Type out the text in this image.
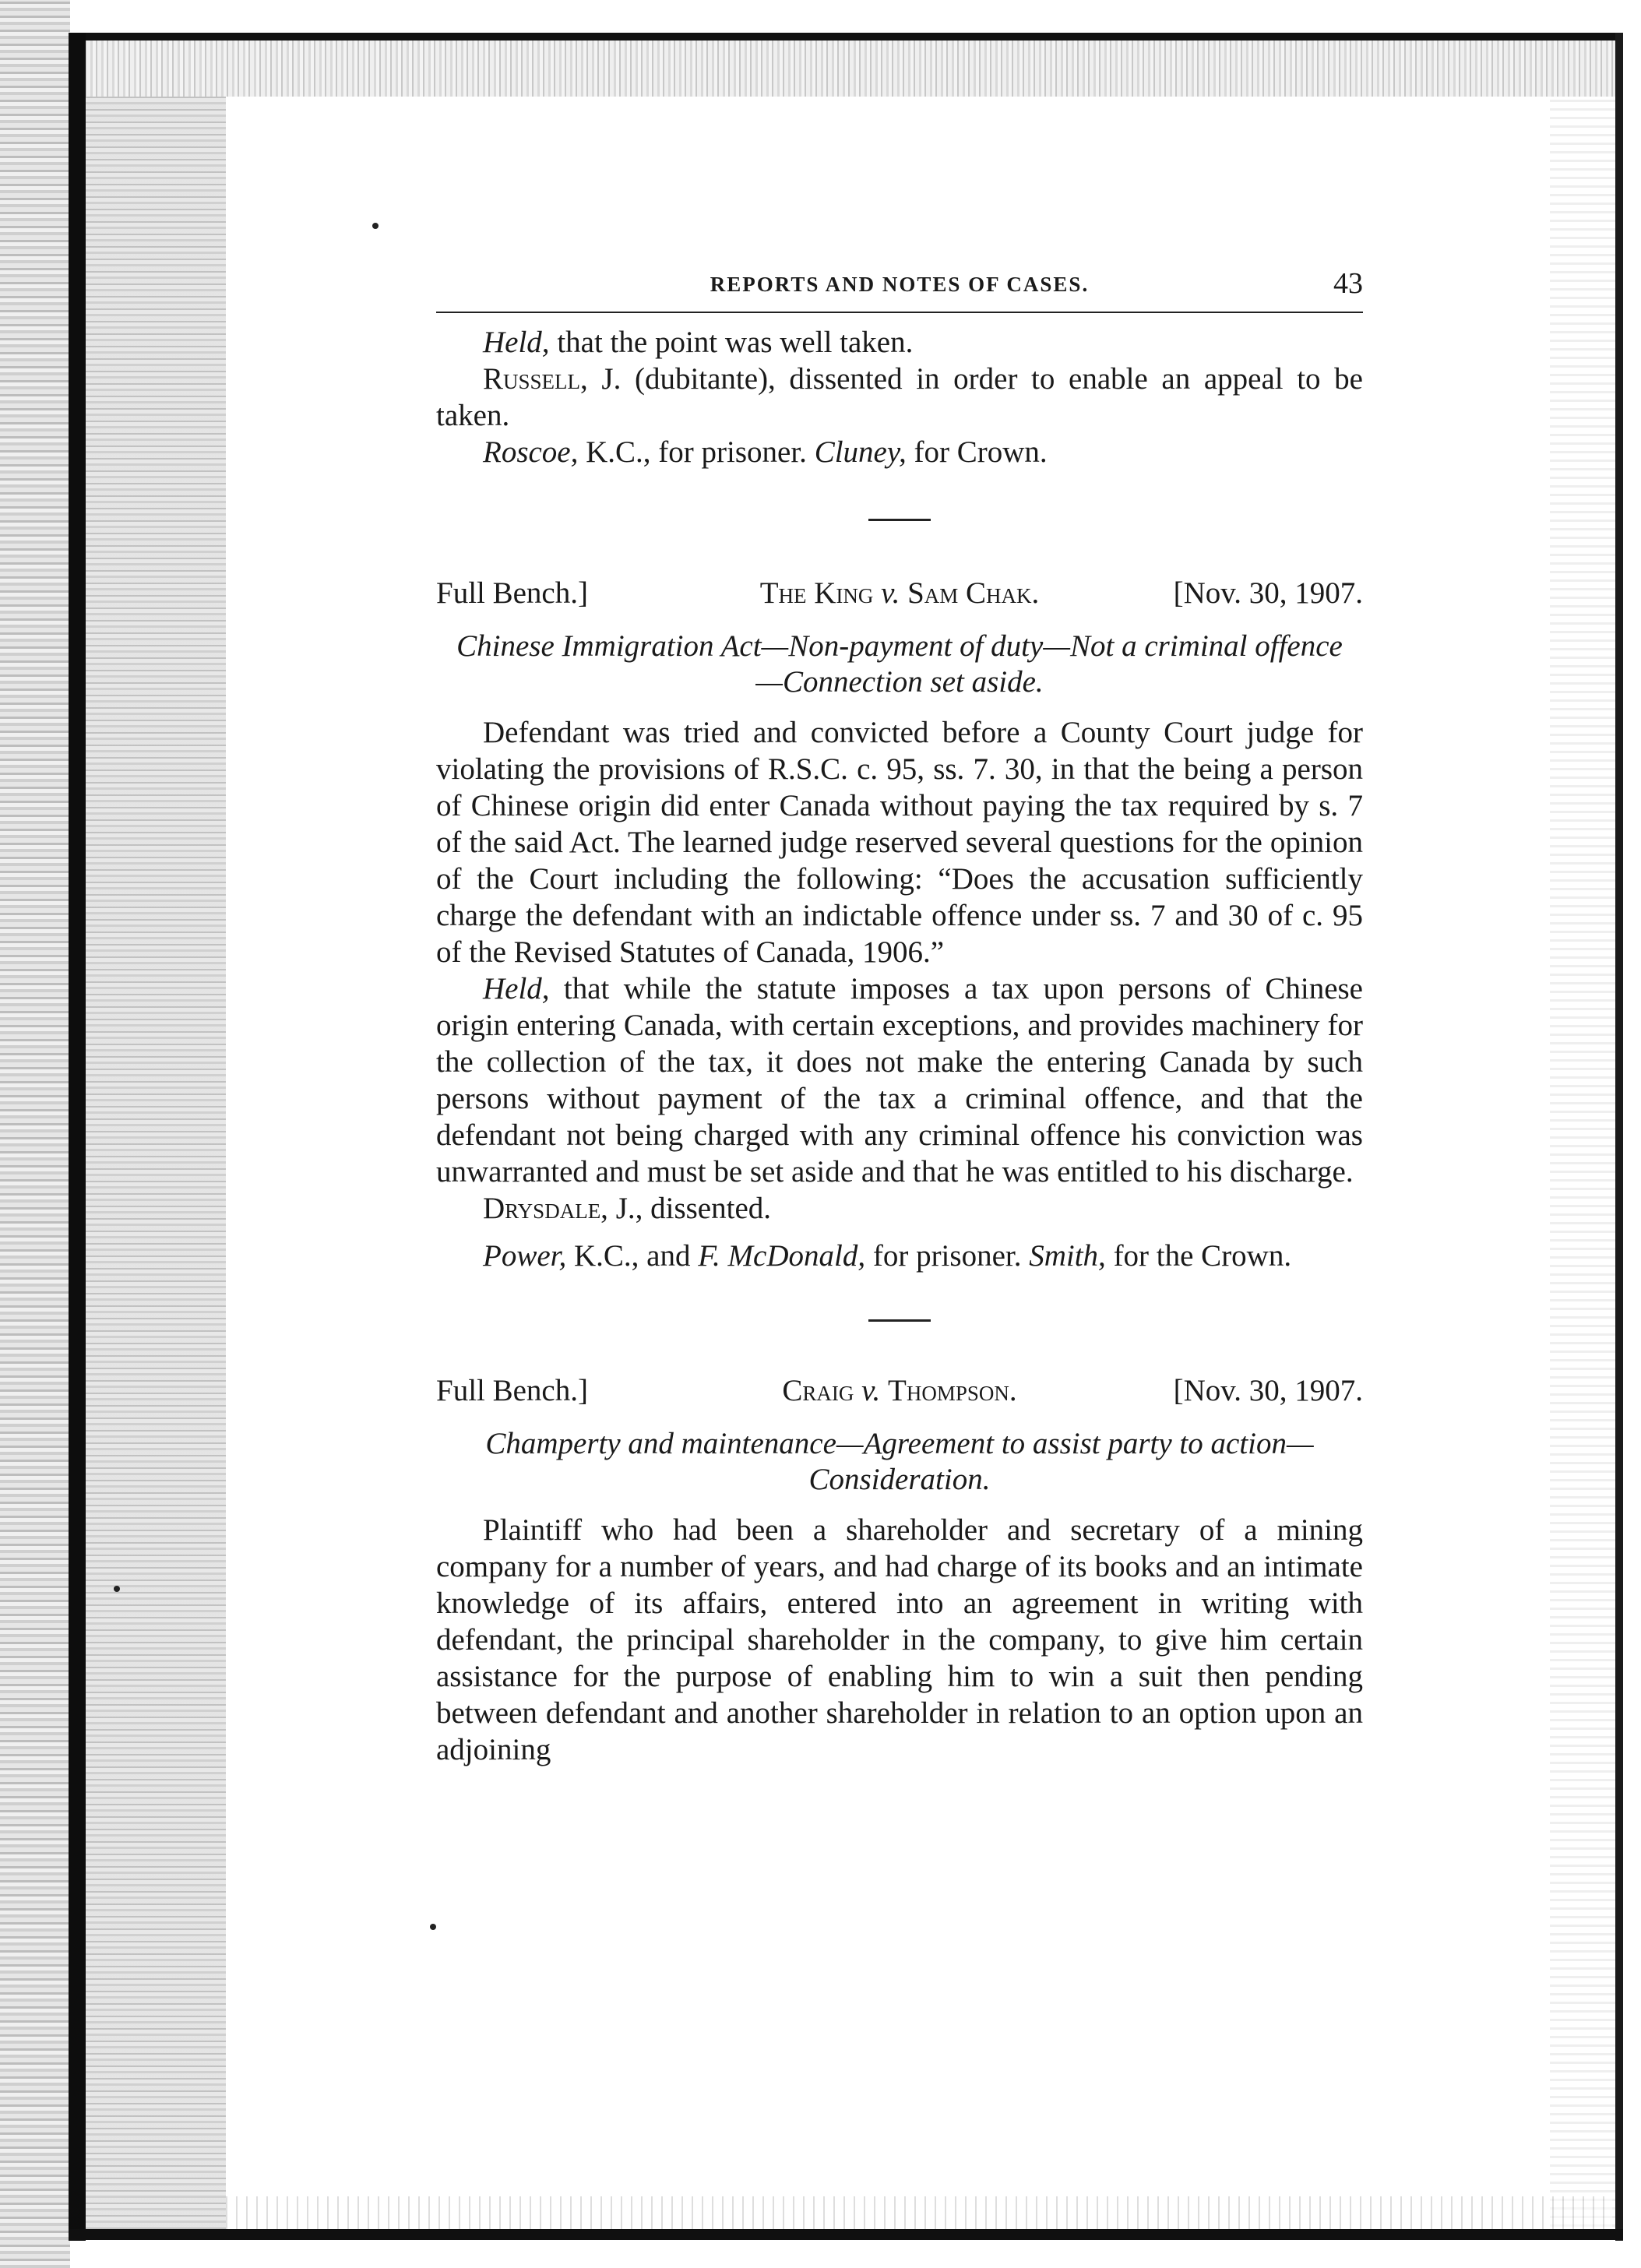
REPORTS AND NOTES OF CASES.	43

Held, that the point was well taken.

Russell, J. (dubitante), dissented in order to enable an appeal to be taken.

Roscoe, K.C., for prisoner. Cluney, for Crown.

Full Bench.]	The King v. Sam Chak.	[Nov. 30, 1907.

Chinese Immigration Act—Non-payment of duty—Not a criminal offence—Connection set aside.

Defendant was tried and convicted before a County Court judge for violating the provisions of R.S.C. c. 95, ss. 7. 30, in that the being a person of Chinese origin did enter Canada without paying the tax required by s. 7 of the said Act. The learned judge reserved several questions for the opinion of the Court including the following: “Does the accusation sufficiently charge the defendant with an indictable offence under ss. 7 and 30 of c. 95 of the Revised Statutes of Canada, 1906.”

Held, that while the statute imposes a tax upon persons of Chinese origin entering Canada, with certain exceptions, and provides machinery for the collection of the tax, it does not make the entering Canada by such persons without payment of the tax a criminal offence, and that the defendant not being charged with any criminal offence his conviction was unwarranted and must be set aside and that he was entitled to his discharge.

Drysdale, J., dissented.

Power, K.C., and F. McDonald, for prisoner. Smith, for the Crown.

Full Bench.]	Craig v. Thompson.	[Nov. 30, 1907.

Champerty and maintenance—Agreement to assist party to action—Consideration.

Plaintiff who had been a shareholder and secretary of a mining company for a number of years, and had charge of its books and an intimate knowledge of its affairs, entered into an agreement in writing with defendant, the principal shareholder in the company, to give him certain assistance for the purpose of enabling him to win a suit then pending between defendant and another shareholder in relation to an option upon an adjoining
